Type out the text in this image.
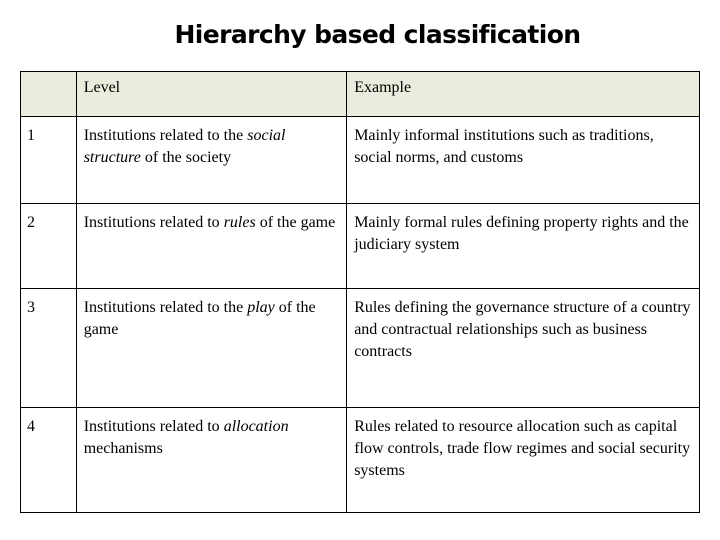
Hierarchy based classification

	Level	Example

1	Institutions related to the social structure of the society	Mainly informal institutions such as traditions, social norms, and customs

2	Institutions related to rules of the game	Mainly formal rules defining property rights and the judiciary system

3	Institutions related to the play of the game	Rules defining the governance structure of a country and contractual relationships such as business contracts

4	Institutions related to allocation mechanisms	Rules related to resource allocation such as capital flow controls, trade flow regimes and social security systems
